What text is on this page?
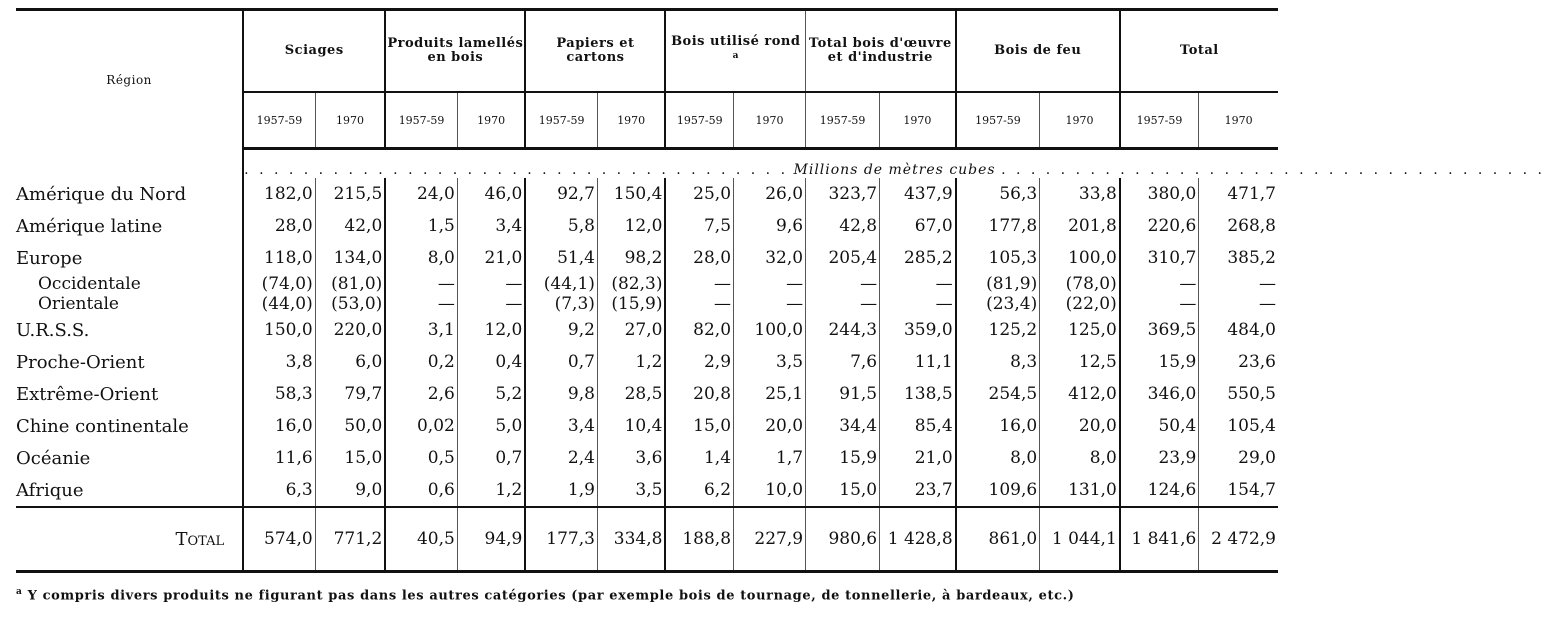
Région	Sciages		Produits lamellés en bois		Papiers et cartons		Bois utilisé rond $^a$		Total bois d'œuvre et d'industrie		Bois de feu		Total	
	1957-59	1970	1957-59	1970	1957-59	1970	1957-59	1970	1957-59	1970	1957-59	1970	1957-59	1970
	. . . . . . . . . . . . . . . . . . . . . . . . . . . . . . . . . . . . . Millions de mètres cubes . . . . . . . . . . . . . . . . . . . . . . . . . . . . . . . . . . . . .													
Amérique du Nord	182,0	215,5	24,0	46,0	92,7	150,4	25,0	26,0	323,7	437,9	56,3	33,8	380,0	471,7
Amérique latine	28,0	42,0	1,5	3,4	5,8	12,0	7,5	9,6	42,8	67,0	177,8	201,8	220,6	268,8
Europe	118,0	134,0	8,0	21,0	51,4	98,2	28,0	32,0	205,4	285,2	105,3	100,0	310,7	385,2
Occidentale	(74,0)	(81,0)	—	—	(44,1)	(82,3)	—	—	—	—	(81,9)	(78,0)	—	—
Orientale	(44,0)	(53,0)	—	—	(7,3)	(15,9)	—	—	—	—	(23,4)	(22,0)	—	—
U.R.S.S.	150,0	220,0	3,1	12,0	9,2	27,0	82,0	100,0	244,3	359,0	125,2	125,0	369,5	484,0
Proche-Orient	3,8	6,0	0,2	0,4	0,7	1,2	2,9	3,5	7,6	11,1	8,3	12,5	15,9	23,6
Extrême-Orient	58,3	79,7	2,6	5,2	9,8	28,5	20,8	25,1	91,5	138,5	254,5	412,0	346,0	550,5
Chine continentale	16,0	50,0	0,02	5,0	3,4	10,4	15,0	20,0	34,4	85,4	16,0	20,0	50,4	105,4
Océanie	11,6	15,0	0,5	0,7	2,4	3,6	1,4	1,7	15,9	21,0	8,0	8,0	23,9	29,0
Afrique	6,3	9,0	0,6	1,2	1,9	3,5	6,2	10,0	15,0	23,7	109,6	131,0	124,6	154,7
Total	574,0	771,2	40,5	94,9	177,3	334,8	188,8	227,9	980,6	1 428,8	861,0	1 044,1	1 841,6	2 472,9
$^a$ Y compris divers produits ne figurant pas dans les autres catégories (par exemple bois de tournage, de tonnellerie, à bardeaux, etc.)
